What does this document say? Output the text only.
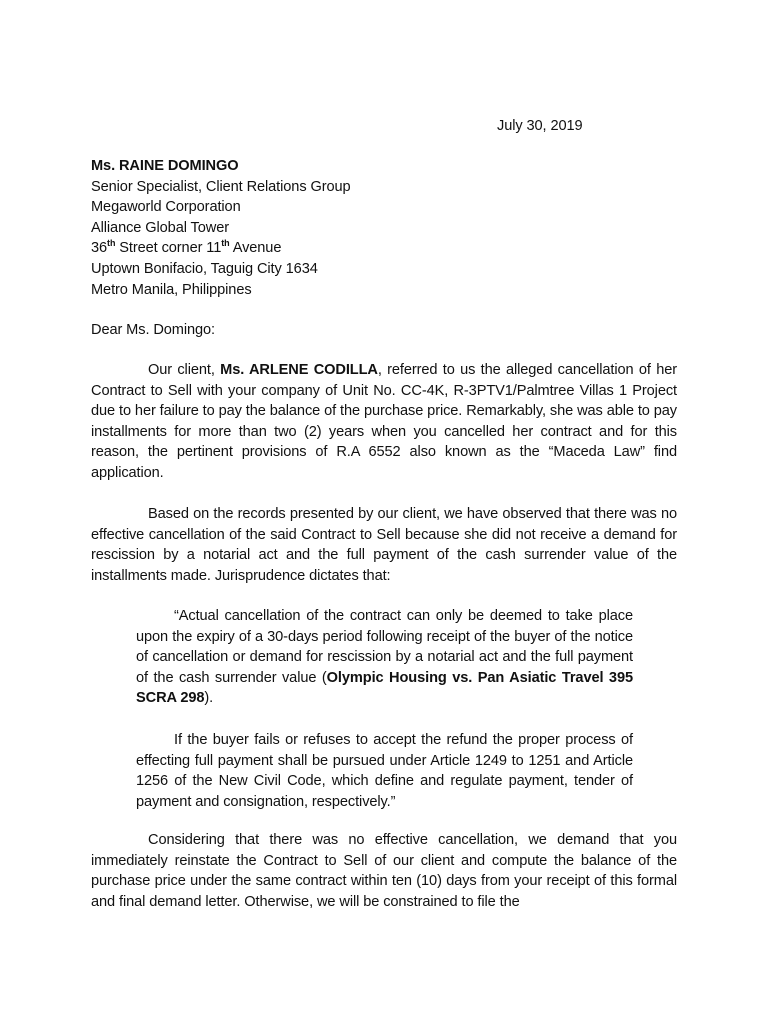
July 30, 2019
Ms. RAINE DOMINGO
Senior Specialist, Client Relations Group
Megaworld Corporation
Alliance Global Tower
36th Street corner 11th Avenue
Uptown Bonifacio, Taguig City 1634
Metro Manila, Philippines
Dear Ms. Domingo:

Our client, Ms. ARLENE CODILLA, referred to us the alleged cancellation of her Contract to Sell with your company of Unit No. CC-4K, R-3PTV1/Palmtree Villas 1 Project due to her failure to pay the balance of the purchase price. Remarkably, she was able to pay installments for more than two (2) years when you cancelled her contract and for this reason, the pertinent provisions of R.A 6552 also known as the “Maceda Law” find application.

Based on the records presented by our client, we have observed that there was no effective cancellation of the said Contract to Sell because she did not receive a demand for rescission by a notarial act and the full payment of the cash surrender value of the installments made. Jurisprudence dictates that:

“Actual cancellation of the contract can only be deemed to take place upon the expiry of a 30-days period following receipt of the buyer of the notice of cancellation or demand for rescission by a notarial act and the full payment of the cash surrender value (Olympic Housing vs. Pan Asiatic Travel 395 SCRA 298).

If the buyer fails or refuses to accept the refund the proper process of effecting full payment shall be pursued under Article 1249 to 1251 and Article 1256 of the New Civil Code, which define and regulate payment, tender of payment and consignation, respectively.”

Considering that there was no effective cancellation, we demand that you immediately reinstate the Contract to Sell of our client and compute the balance of the purchase price under the same contract within ten (10) days from your receipt of this formal and final demand letter. Otherwise, we will be constrained to file the
